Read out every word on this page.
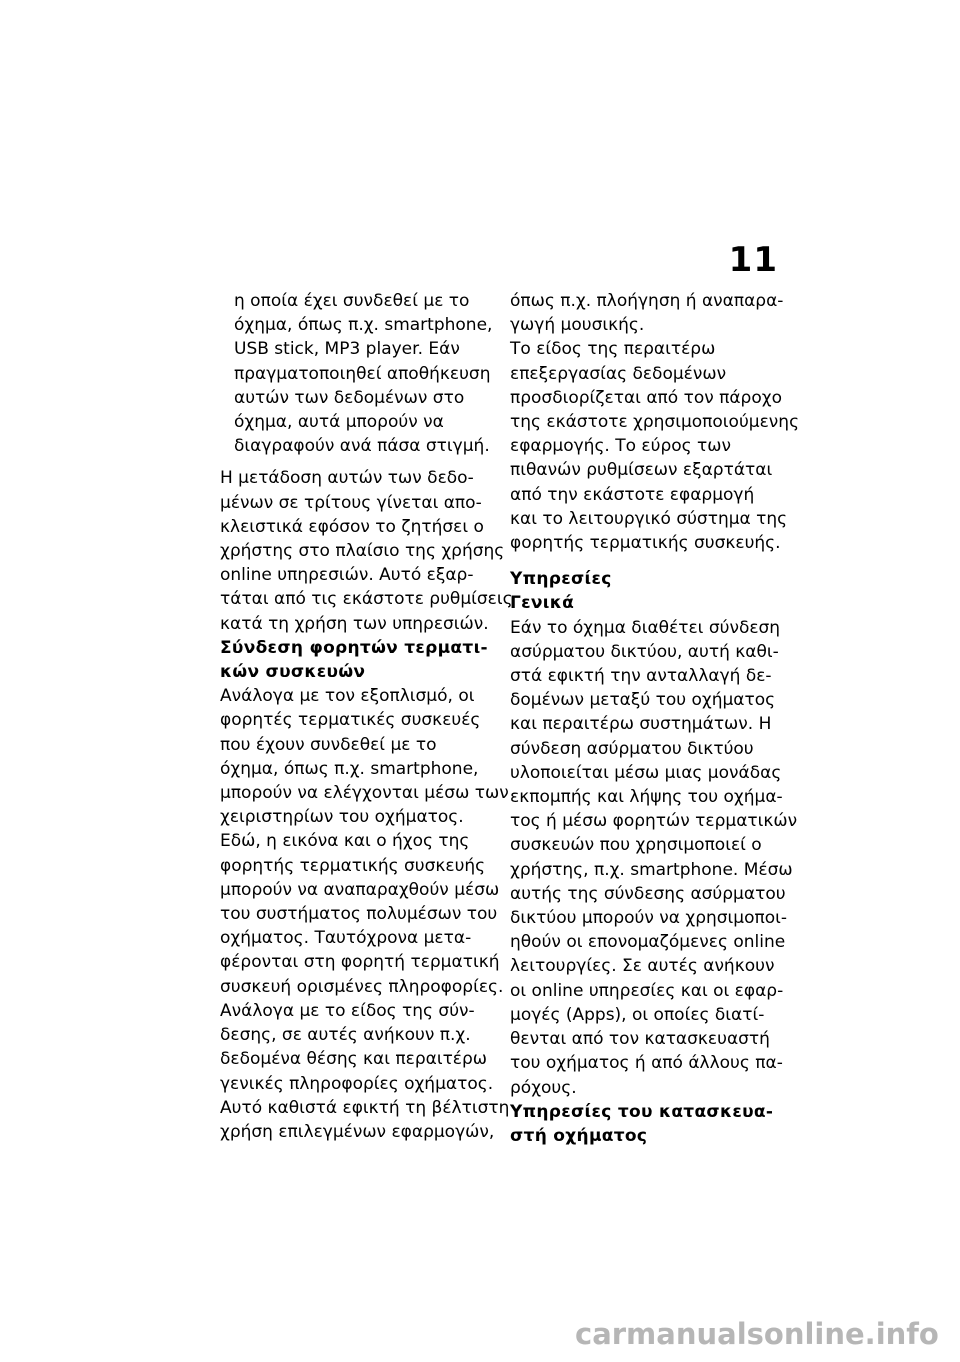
11
η οποία έχει συνδεθεί με το
όχημα, όπως π.χ. smartphone,
USB stick, MP3 player. Εάν
πραγματοποιηθεί αποθήκευση
αυτών των δεδομένων στο
όχημα, αυτά μπορούν να
διαγραφούν ανά πάσα στιγμή.
Η μετάδοση αυτών των δεδο-
μένων σε τρίτους γίνεται απο-
κλειστικά εφόσον το ζητήσει ο
χρήστης στο πλαίσιο της χρήσης
online υπηρεσιών. Αυτό εξαρ-
τάται από τις εκάστοτε ρυθμίσεις
κατά τη χρήση των υπηρεσιών.
Σύνδεση φορητών τερματι-
κών συσκευών
Ανάλογα με τον εξοπλισμό, οι
φορητές τερματικές συσκευές
που έχουν συνδεθεί με το
όχημα, όπως π.χ. smartphone,
μπορούν να ελέγχονται μέσω των
χειριστηρίων του οχήματος.
Εδώ, η εικόνα και ο ήχος της
φορητής τερματικής συσκευής
μπορούν να αναπαραχθούν μέσω
του συστήματος πολυμέσων του
οχήματος. Ταυτόχρονα μετα-
φέρονται στη φορητή τερματική
συσκευή ορισμένες πληροφορίες.
Ανάλογα με το είδος της σύν-
δεσης, σε αυτές ανήκουν π.χ.
δεδομένα θέσης και περαιτέρω
γενικές πληροφορίες οχήματος.
Αυτό καθιστά εφικτή τη βέλτιστη
χρήση επιλεγμένων εφαρμογών,
όπως π.χ. πλοήγηση ή αναπαρα-
γωγή μουσικής.
Το είδος της περαιτέρω
επεξεργασίας δεδομένων
προσδιορίζεται από τον πάροχο
της εκάστοτε χρησιμοποιούμενης
εφαρμογής. Το εύρος των
πιθανών ρυθμίσεων εξαρτάται
από την εκάστοτε εφαρμογή
και το λειτουργικό σύστημα της
φορητής τερματικής συσκευής.
Υπηρεσίες
Γενικά
Εάν το όχημα διαθέτει σύνδεση
ασύρματου δικτύου, αυτή καθι-
στά εφικτή την ανταλλαγή δε-
δομένων μεταξύ του οχήματος
και περαιτέρω συστημάτων. Η
σύνδεση ασύρματου δικτύου
υλοποιείται μέσω μιας μονάδας
εκπομπής και λήψης του οχήμα-
τος ή μέσω φορητών τερματικών
συσκευών που χρησιμοποιεί ο
χρήστης, π.χ. smartphone. Μέσω
αυτής της σύνδεσης ασύρματου
δικτύου μπορούν να χρησιμοποι-
ηθούν οι επονομαζόμενες online
λειτουργίες. Σε αυτές ανήκουν
οι online υπηρεσίες και οι εφαρ-
μογές (Apps), οι οποίες διατί-
θενται από τον κατασκευαστή
του οχήματος ή από άλλους πα-
ρόχους.
Υπηρεσίες του κατασκευα-
στή οχήματος
carmanualsonline.info
